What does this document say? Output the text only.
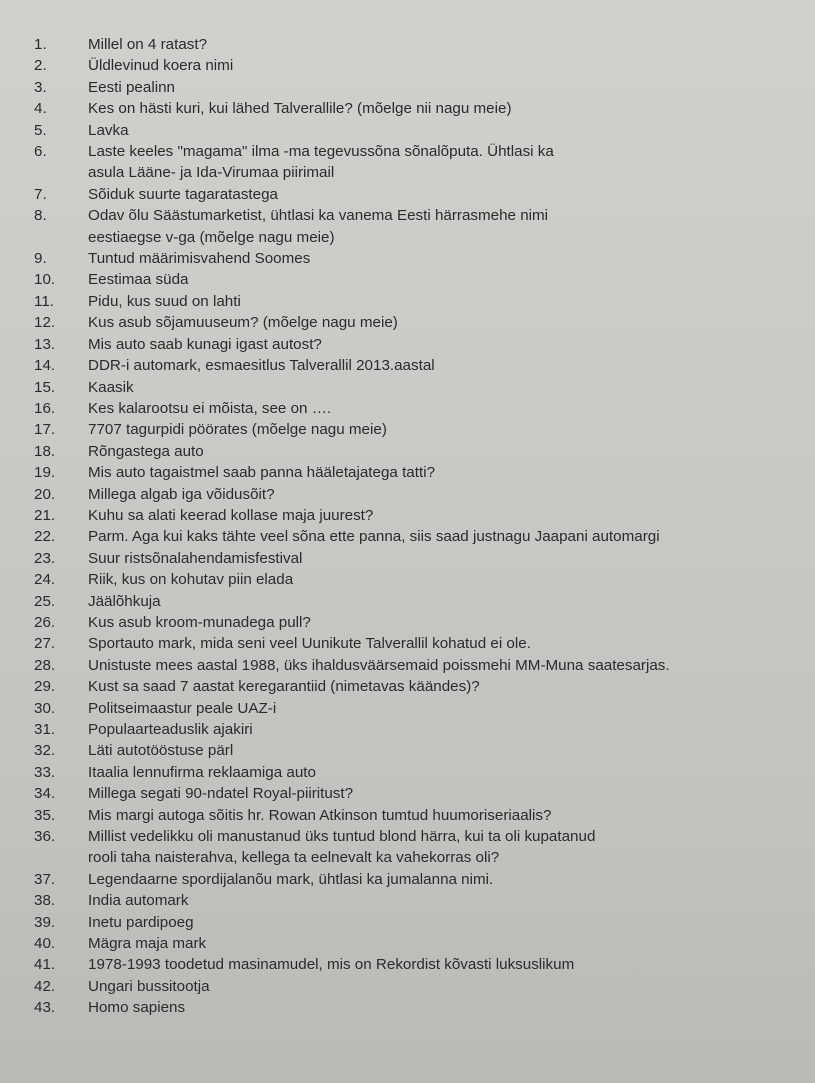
1.	Millel on 4 ratast?
2.	Üldlevinud koera nimi
3.	Eesti pealinn
4.	Kes on hästi kuri, kui lähed Talverallile? (mõelge nii nagu meie)
5.	Lavka
6.	Laste keeles "magama" ilma -ma tegevussõna sõnalõputa. Ühtlasi ka
asula Lääne- ja Ida-Virumaa piirimail
7.	Sõiduk suurte tagaratastega
8.	Odav õlu Säästumarketist, ühtlasi ka vanema Eesti härrasmehe nimi
eestiaegse v-ga (mõelge nagu meie)
9.	Tuntud määrimisvahend Soomes
10.	Eestimaa süda
11.	Pidu, kus suud on lahti
12.	Kus asub sõjamuuseum? (mõelge nagu meie)
13.	Mis auto saab kunagi igast autost?
14.	DDR-i automark, esmaesitlus Talverallil 2013.aastal
15.	Kaasik
16.	Kes kalarootsu ei mõista, see on ….
17.	7707 tagurpidi pöörates (mõelge nagu meie)
18.	Rõngastega auto
19.	Mis auto tagaistmel saab panna hääletajatega tatti?
20.	Millega algab iga võidusõit?
21.	Kuhu sa alati keerad kollase maja juurest?
22.	Parm. Aga kui kaks tähte veel sõna ette panna, siis saad justnagu Jaapani automargi
23.	Suur ristsõnalahendamisfestival
24.	Riik, kus on kohutav piin elada
25.	Jäälõhkuja
26.	Kus asub kroom-munadega pull?
27.	Sportauto mark, mida seni veel Uunikute Talverallil kohatud ei ole.
28.	Unistuste mees aastal 1988, üks ihaldusväärsemaid poissmehi MM-Muna saatesarjas.
29.	Kust sa saad 7 aastat keregarantiid (nimetavas käändes)?
30.	Politseimaastur peale UAZ-i
31.	Populaarteaduslik ajakiri
32.	Läti autotööstuse pärl
33.	Itaalia lennufirma reklaamiga auto
34.	Millega segati 90-ndatel Royal-piiritust?
35.	Mis margi autoga sõitis hr. Rowan Atkinson tumtud huumoriseriaalis?
36.	Millist vedelikku oli manustanud üks tuntud blond härra, kui ta oli kupatanud
rooli taha naisterahva, kellega ta eelnevalt ka vahekorras oli?
37.	Legendaarne spordijalanõu mark, ühtlasi ka jumalanna nimi.
38.	India automark
39.	Inetu pardipoeg
40.	Mägra maja mark
41.	1978-1993 toodetud masinamudel, mis on Rekordist kõvasti luksuslikum
42.	Ungari bussitootja
43.	Homo sapiens
